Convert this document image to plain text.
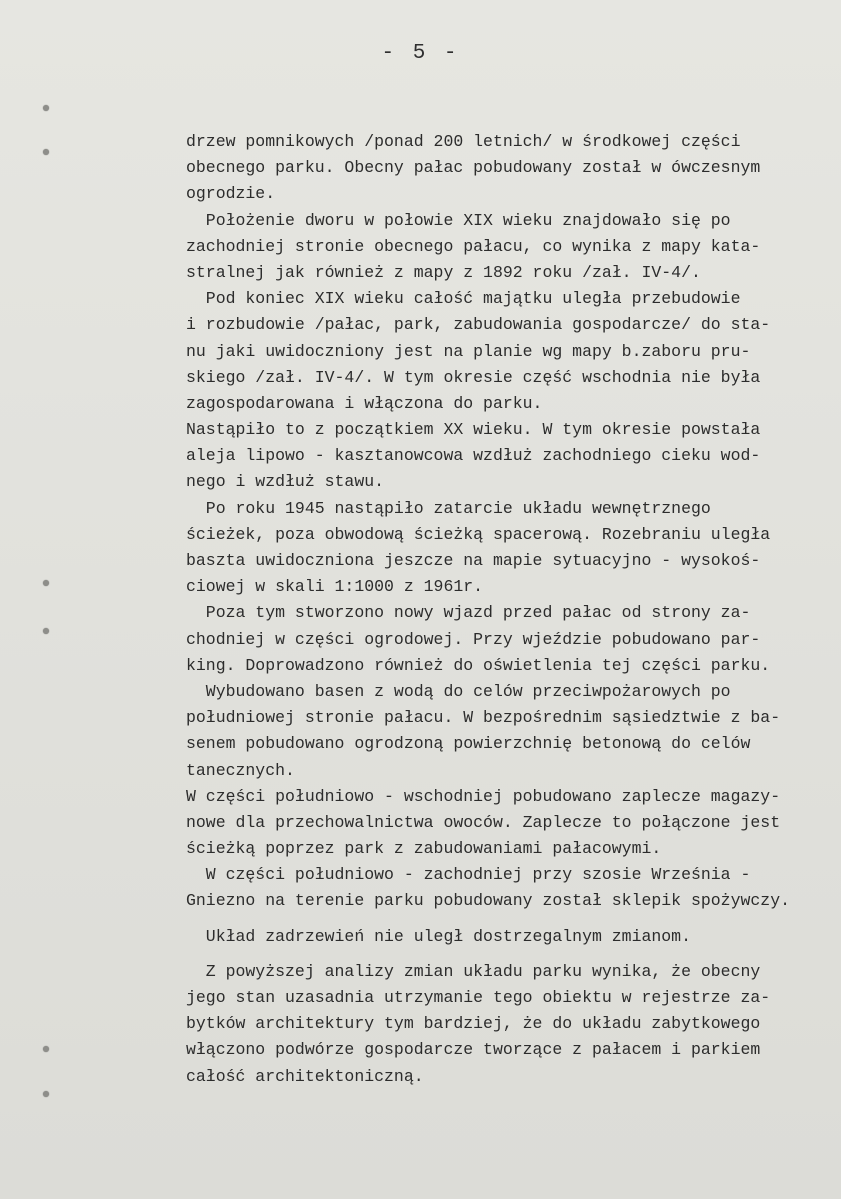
- 5 -
drzew pomnikowych /ponad 200 letnich/ w środkowej części
obecnego parku. Obecny pałac pobudowany został w ówczesnym
ogrodzie.
Położenie dworu w połowie XIX wieku znajdowało się po
zachodniej stronie obecnego pałacu, co wynika z mapy kata-
stralnej jak również z mapy z 1892 roku /zał. IV-4/.
Pod koniec XIX wieku całość majątku uległa przebudowie
i rozbudowie /pałac, park, zabudowania gospodarcze/ do sta-
nu jaki uwidoczniony jest na planie wg mapy b.zaboru pru-
skiego /zał. IV-4/. W tym okresie część wschodnia nie była
zagospodarowana i włączona do parku.
Nastąpiło to z początkiem XX wieku. W tym okresie powstała
aleja lipowo - kasztanowcowa wzdłuż zachodniego cieku wod-
nego i wzdłuż stawu.
Po roku 1945 nastąpiło zatarcie układu wewnętrznego
ścieżek, poza obwodową ścieżką spacerową. Rozebraniu uległa
baszta uwidoczniona jeszcze na mapie sytuacyjno - wysokoś-
ciowej w skali 1:1000 z 1961r.
Poza tym stworzono nowy wjazd przed pałac od strony za-
chodniej w części ogrodowej. Przy wjeździe pobudowano par-
king. Doprowadzono również do oświetlenia tej części parku.
Wybudowano basen z wodą do celów przeciwpożarowych po
południowej stronie pałacu. W bezpośrednim sąsiedztwie z ba-
senem pobudowano ogrodzoną powierzchnię betonową do celów
tanecznych.
W części południowo - wschodniej pobudowano zaplecze magazy-
nowe dla przechowalnictwa owoców. Zaplecze to połączone jest
ścieżką poprzez park z zabudowaniami pałacowymi.
W części południowo - zachodniej przy szosie Września -
Gniezno na terenie parku pobudowany został sklepik spożywczy.
Układ zadrzewień nie uległ dostrzegalnym zmianom.
Z powyższej analizy zmian układu parku wynika, że obecny
jego stan uzasadnia utrzymanie tego obiektu w rejestrze za-
bytków architektury tym bardziej, że do układu zabytkowego
włączono podwórze gospodarcze tworzące z pałacem i parkiem
całość architektoniczną.
